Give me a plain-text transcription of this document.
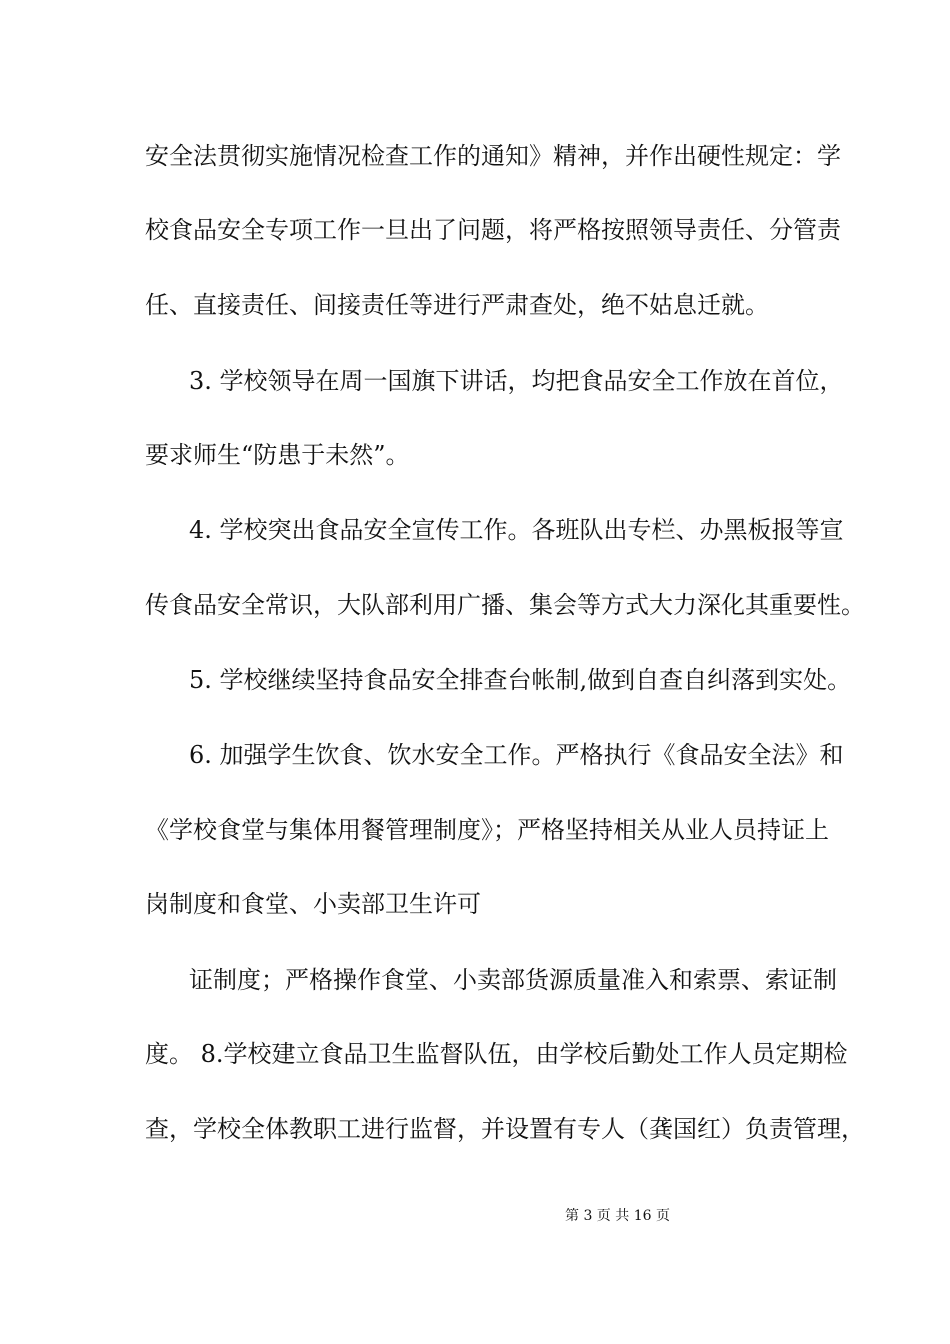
安全法贯彻实施情况检查工作的通知》精神，并作出硬性规定：学
校食品安全专项工作一旦出了问题，将严格按照领导责任、分管责
任、直接责任、间接责任等进行严肃查处，绝不姑息迁就。
3. 学校领导在周一国旗下讲话，均把食品安全工作放在首位，
要求师生“防患于未然”。
4. 学校突出食品安全宣传工作。各班队出专栏、办黑板报等宣
传食品安全常识，大队部利用广播、集会等方式大力深化其重要性。
5. 学校继续坚持食品安全排查台帐制,做到自查自纠落到实处。
6. 加强学生饮食、饮水安全工作。严格执行《食品安全法》和
《学校食堂与集体用餐管理制度》；严格坚持相关从业人员持证上
岗制度和食堂、小卖部卫生许可
证制度；严格操作食堂、小卖部货源质量准入和索票、索证制
度。 8.学校建立食品卫生监督队伍，由学校后勤处工作人员定期检
查，学校全体教职工进行监督，并设置有专人（龚国红）负责管理，
第 3 页 共 16 页
